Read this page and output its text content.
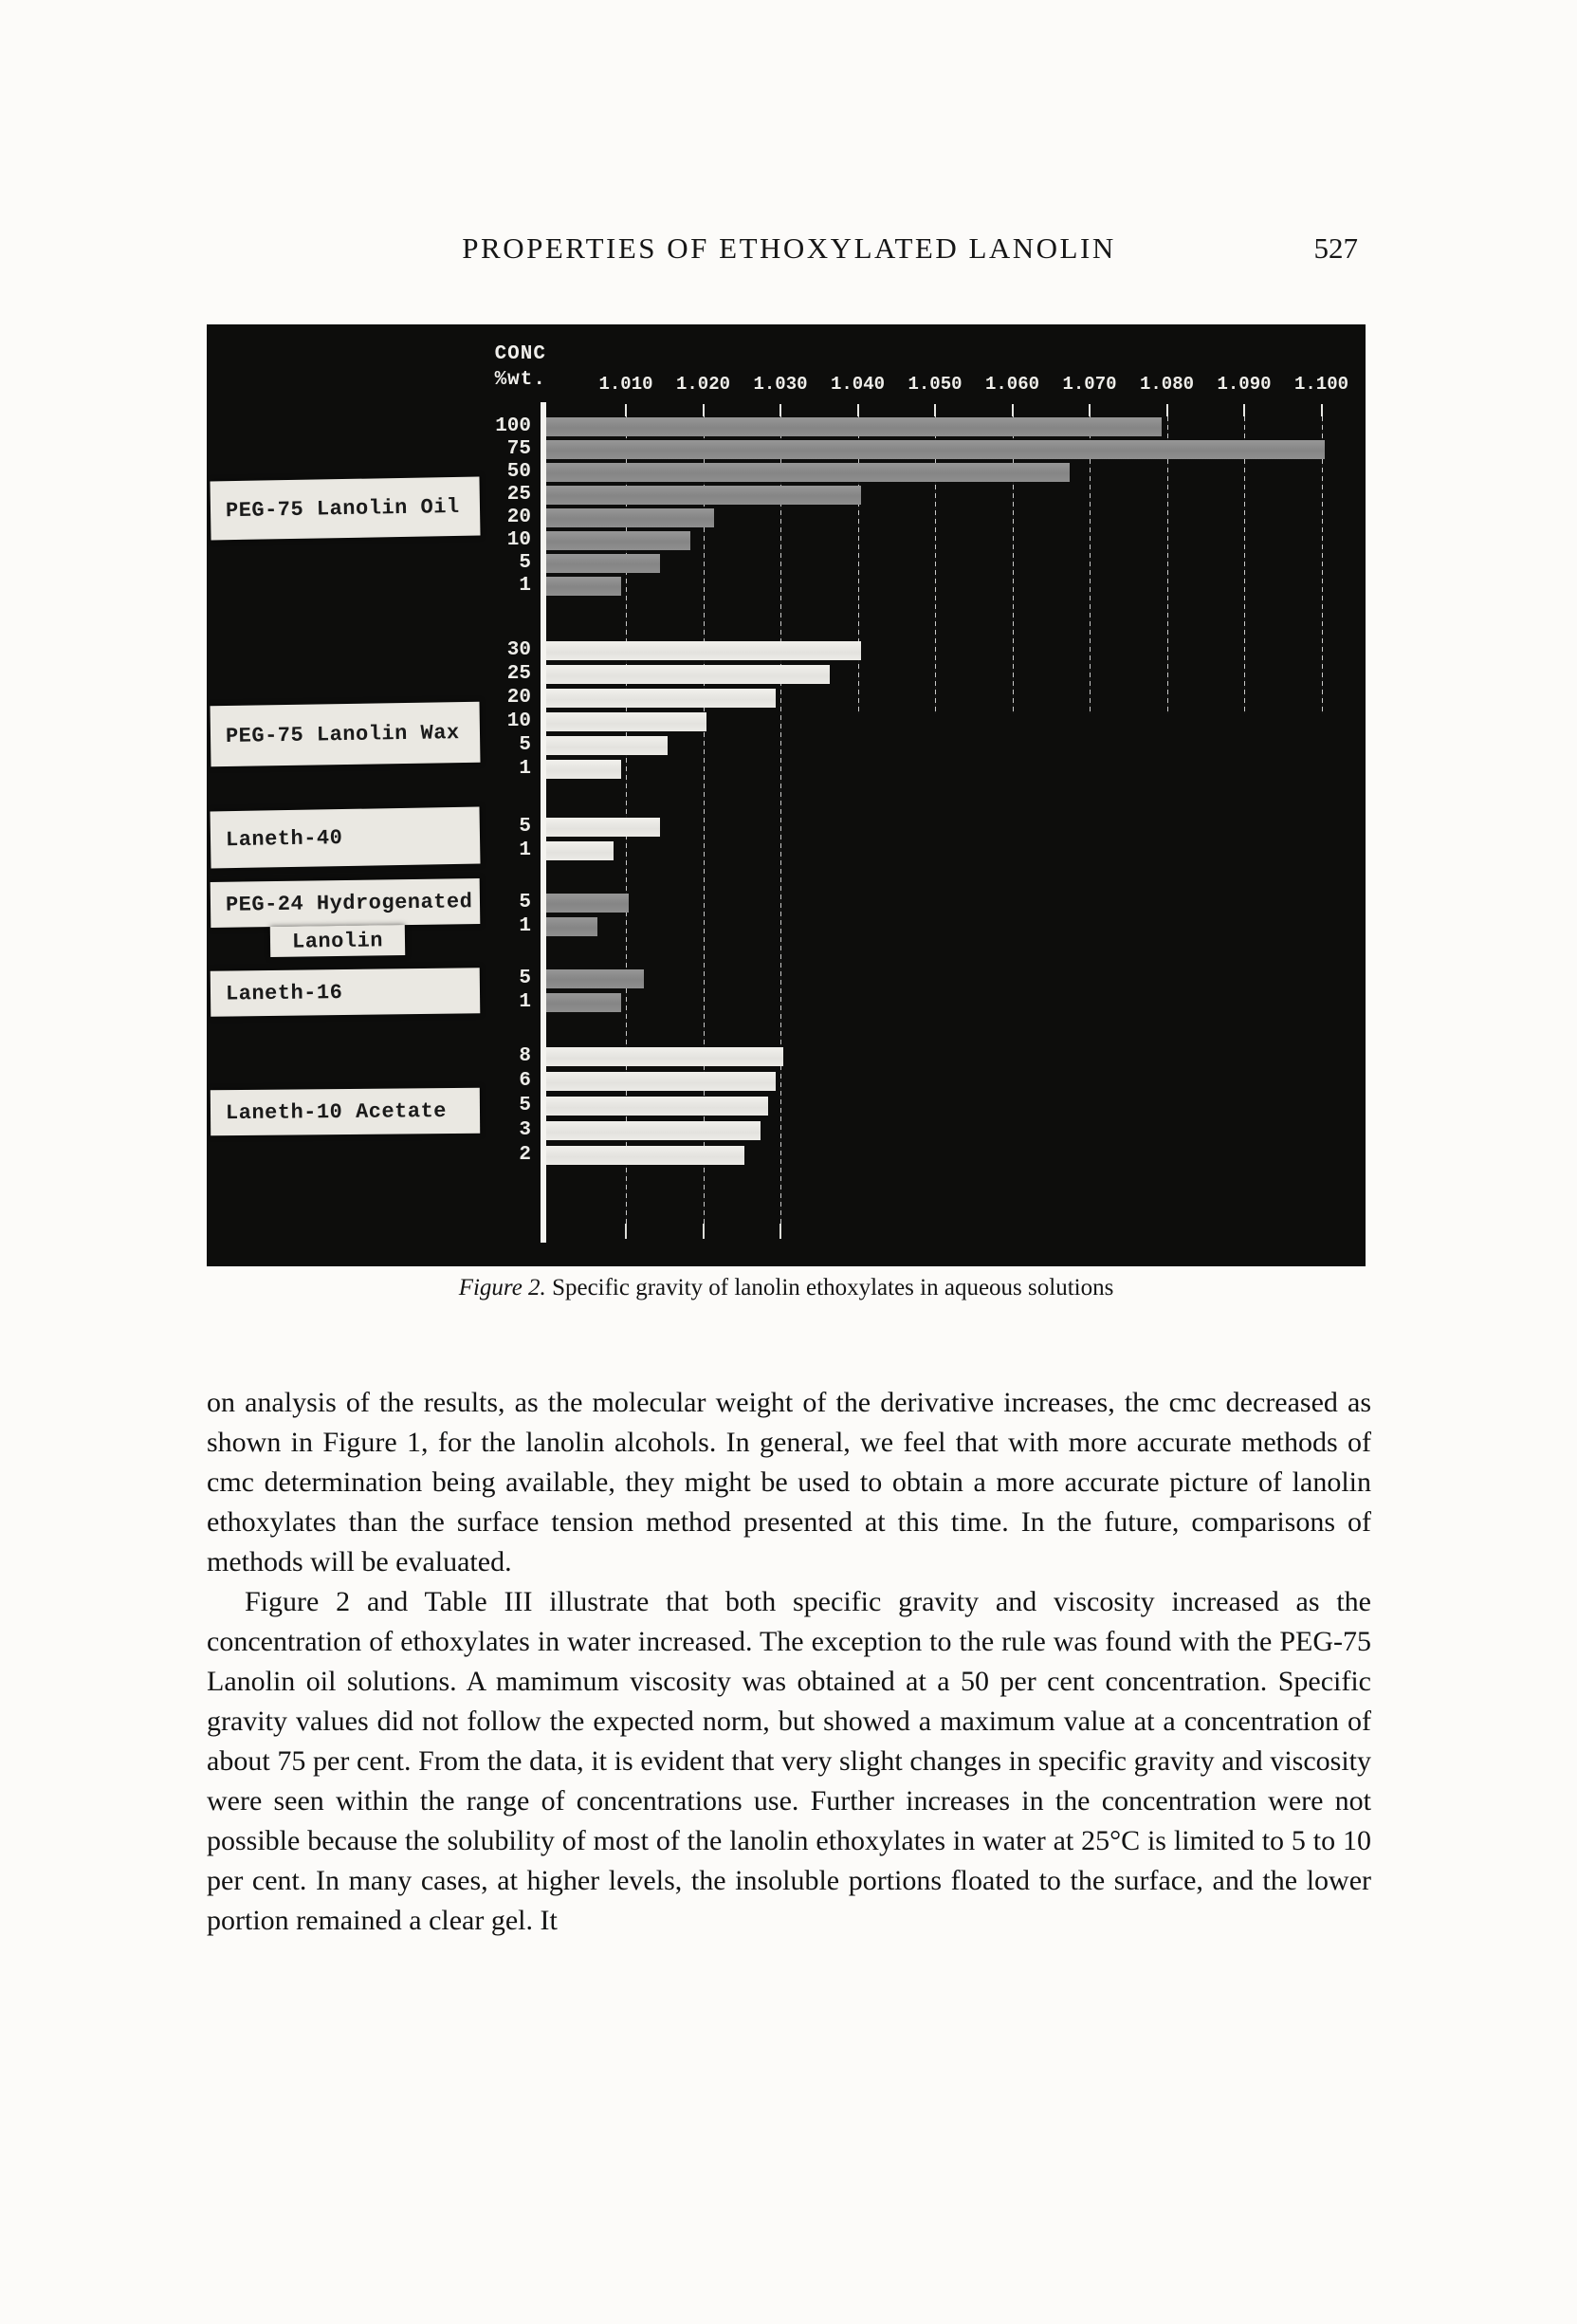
PROPERTIES OF ETHOXYLATED LANOLIN	527
CONC
%wt.	1.010	1.020	1.030	1.040	1.050	1.060	1.070	1.080	1.090	1.100
PEG-75 Lanolin Oil
100
75
50
25
20
10
5
1
PEG-75 Lanolin Wax
30
25
20
10
5
1
Laneth-40	5
1
PEG-24 Hydrogenated
Lanolin
5
1
Laneth-16
5
1
Laneth-10 Acetate
8
6
5
3
2
Figure 2. Specific gravity of lanolin ethoxylates in aqueous solutions

on analysis of the results, as the molecular weight of the derivative increases, the cmc decreased as shown in Figure 1, for the lanolin alcohols. In general, we feel that with more accurate methods of cmc determination being available, they might be used to obtain a more accurate picture of lanolin ethoxylates than the surface tension method presented at this time. In the future, comparisons of methods will be evaluated.

Figure 2 and Table III illustrate that both specific gravity and viscosity increased as the concentration of ethoxylates in water increased. The exception to the rule was found with the PEG-75 Lanolin oil solutions. A mamimum viscosity was obtained at a 50 per cent concentration. Specific gravity values did not follow the expected norm, but showed a maximum value at a concentration of about 75 per cent. From the data, it is evident that very slight changes in specific gravity and viscosity were seen within the range of concentrations use. Further increases in the concentration were not possible because the solubility of most of the lanolin ethoxylates in water at 25°C is limited to 5 to 10 per cent. In many cases, at higher levels, the insoluble portions floated to the surface, and the lower portion remained a clear gel. It
